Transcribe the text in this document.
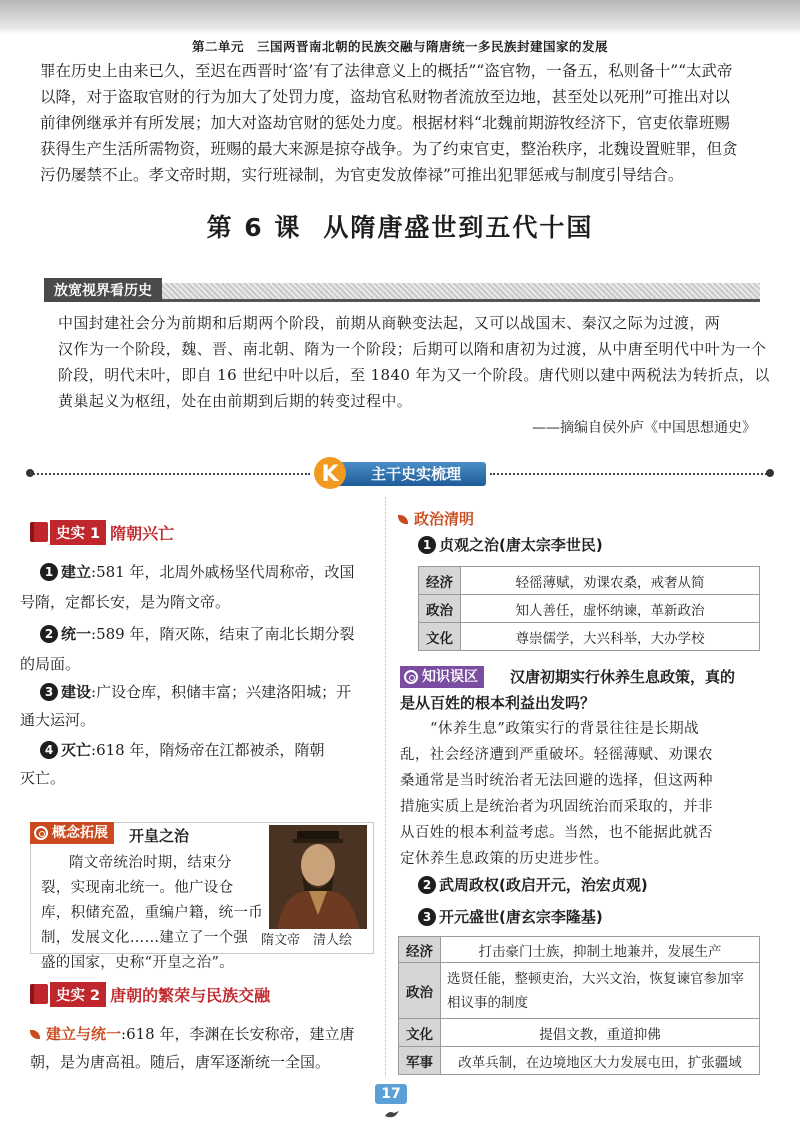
第二单元　三国两晋南北朝的民族交融与隋唐统一多民族封建国家的发展
罪在历史上由来已久，至迟在西晋时‘盗’有了法律意义上的概括”“盗官物，一备五，私则备十”“太武帝
以降，对于盗取官财的行为加大了处罚力度，盗劫官私财物者流放至边地，甚至处以死刑”可推出对以
前律例继承并有所发展；加大对盗劫官财的惩处力度。根据材料“北魏前期游牧经济下，官吏依靠班赐
获得生产生活所需物资，班赐的最大来源是掠夺战争。为了约束官吏，整治秩序，北魏设置赃罪，但贪
污仍屡禁不止。孝文帝时期，实行班禄制，为官吏发放俸禄”可推出犯罪惩戒与制度引导结合。
第 6 课 从隋唐盛世到五代十国
放宽视界看历史
中国封建社会分为前期和后期两个阶段，前期从商鞅变法起，又可以战国末、秦汉之际为过渡，两
汉作为一个阶段，魏、晋、南北朝、隋为一个阶段；后期可以隋和唐初为过渡，从中唐至明代中叶为一个
阶段，明代末叶，即自 16 世纪中叶以后，至 1840 年为又一个阶段。唐代则以建中两税法为转折点，以
黄巢起义为枢纽，处在由前期到后期的转变过程中。
——摘编自侯外庐《中国思想通史》
主干史实梳理
K
史实 1 隋朝兴亡
1 建立:581 年，北周外戚杨坚代周称帝，改国
号隋，定都长安，是为隋文帝。
2 统一:589 年，隋灭陈，结束了南北长期分裂
的局面。
3 建设:广设仓库，积储丰富；兴建洛阳城；开
通大运河。
4 灭亡:618 年，隋炀帝在江都被杀，隋朝
灭亡。
概念拓展 开皇之治
隋文帝统治时期，结束分
裂，实现南北统一。他广设仓
库，积储充盈，重编户籍，统一币
制，发展文化……建立了一个强
盛的国家，史称“开皇之治”。
隋文帝　清人绘
史实 2 唐朝的繁荣与民族交融
建立与统一:618 年，李渊在长安称帝，建立唐
朝，是为唐高祖。随后，唐军逐渐统一全国。
政治清明
1 贞观之治(唐太宗李世民)
经济	轻徭薄赋，劝课农桑，戒奢从简
政治	知人善任，虚怀纳谏，革新政治
文化	尊崇儒学，大兴科举，大办学校
汉唐初期实行休养生息政策，真的
是从百姓的根本利益出发吗？
知识误区
“休养生息”政策实行的背景往往是长期战
乱，社会经济遭到严重破坏。轻徭薄赋、劝课农
桑通常是当时统治者无法回避的选择，但这两种
措施实质上是统治者为巩固统治而采取的，并非
从百姓的根本利益考虑。当然，也不能据此就否
定休养生息政策的历史进步性。
2 武周政权(政启开元，治宏贞观)
3 开元盛世(唐玄宗李隆基)
经济	打击豪门士族，抑制土地兼并，发展生产
政治	选贤任能，整顿吏治，大兴文治，恢复谏官参加宰相议事的制度
文化	提倡文教，重道抑佛
军事	改革兵制，在边境地区大力发展屯田，扩张疆域
17
